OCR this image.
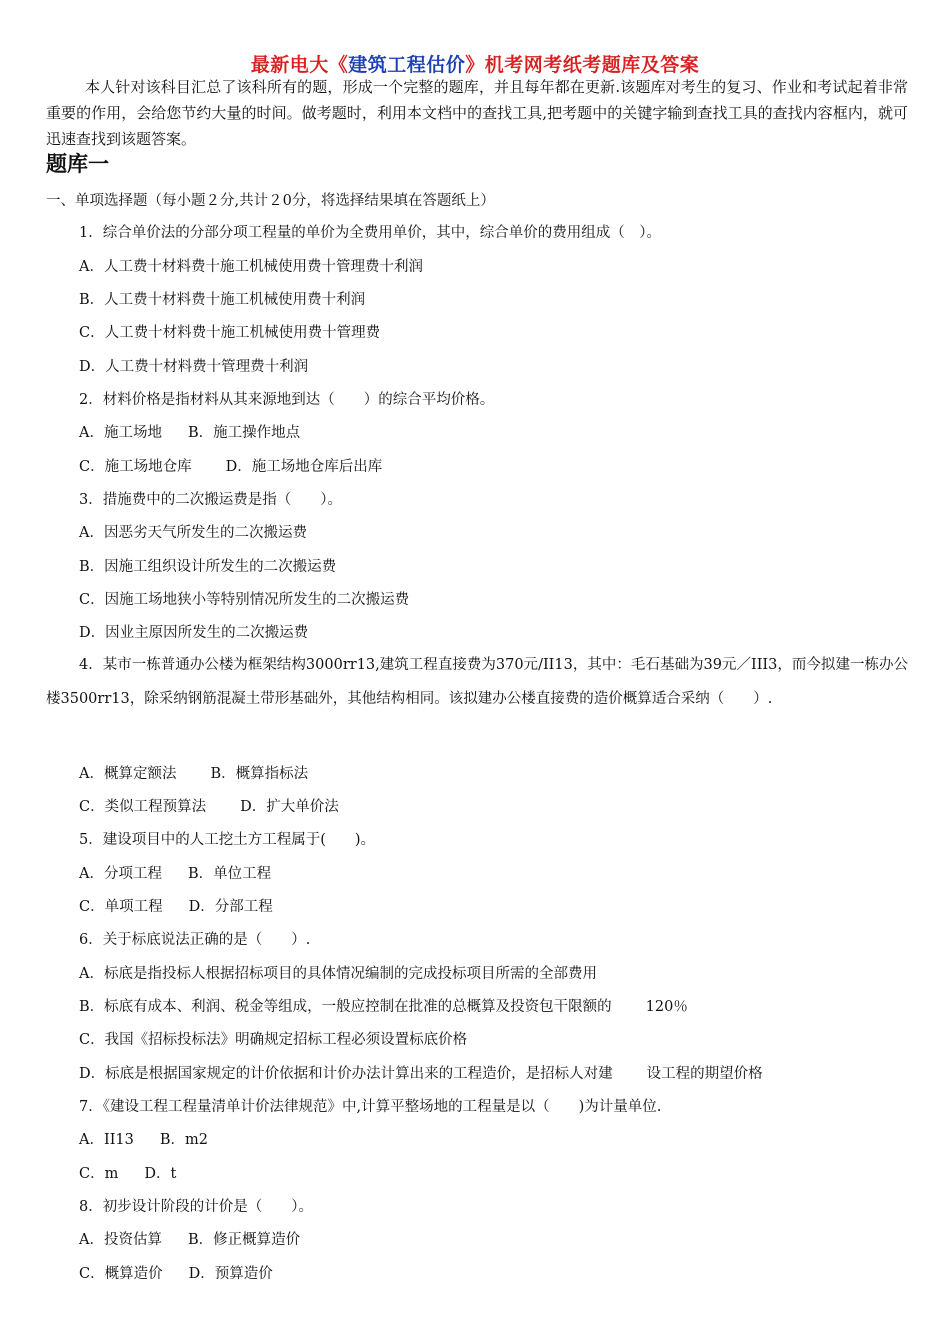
最新电大《建筑工程估价》机考网考纸考题库及答案
本人针对该科目汇总了该科所有的题，形成一个完整的题库，并且每年都在更新.该题库对考生的复习、作业和考试起着非常重要的作用，会给您节约大量的时间。做考题时，利用本文档中的查找工具,把考题中的关键字输到查找工具的查找内容框内，就可迅速查找到该题答案。
题库一
一、单项选择题（每小题２分,共计２0分，将选择结果填在答题纸上）
1．综合单价法的分部分项工程量的单价为全费用单价，其中，综合单价的费用组成（　）。
A．人工费十材料费十施工机械使用费十管理费十利润
B．人工费十材料费十施工机械使用费十利润
C．人工费十材料费十施工机械使用费十管理费
D．人工费十材料费十管理费十利润
2．材料价格是指材料从其来源地到达（　　）的综合平均价格。
A．施工场地 B．施工操作地点
C．施工场地仓库 D．施工场地仓库后出库
3．措施费中的二次搬运费是指（　　）。
A．因恶劣天气所发生的二次搬运费
B．因施工组织设计所发生的二次搬运费
C．因施工场地狭小等特别情况所发生的二次搬运费
D．因业主原因所发生的二次搬运费
4．某市一栋普通办公楼为框架结构3000rr13,建筑工程直接费为370元/II13，其中：毛石基础为39元／III3，而今拟建一栋办公楼3500rr13，除采纳钢筋混凝土带形基础外，其他结构相同。该拟建办公楼直接费的造价概算适合采纳（　　）.
A．概算定额法 B．概算指标法
C．类似工程预算法 D．扩大单价法
5．建设项目中的人工挖土方工程属于(　　)。
A．分项工程 B．单位工程
C．单项工程 D．分部工程
6．关于标底说法正确的是（　　）.
A．标底是指投标人根据招标项目的具体情况编制的完成投标项目所需的全部费用
B．标底有成本、利润、税金等组成，一般应控制在批准的总概算及投资包干限额的 120％
C．我国《招标投标法》明确规定招标工程必须设置标底价格
D．标底是根据国家规定的计价依据和计价办法计算出来的工程造价，是招标人对建 设工程的期望价格
7．《建设工程工程量清单计价法律规范》中,计算平整场地的工程量是以（　　)为计量单位.
A．II13 B．m2
C．m D．t
8．初步设计阶段的计价是（　　）。
A．投资估算 B．修正概算造价
C．概算造价 D．预算造价
